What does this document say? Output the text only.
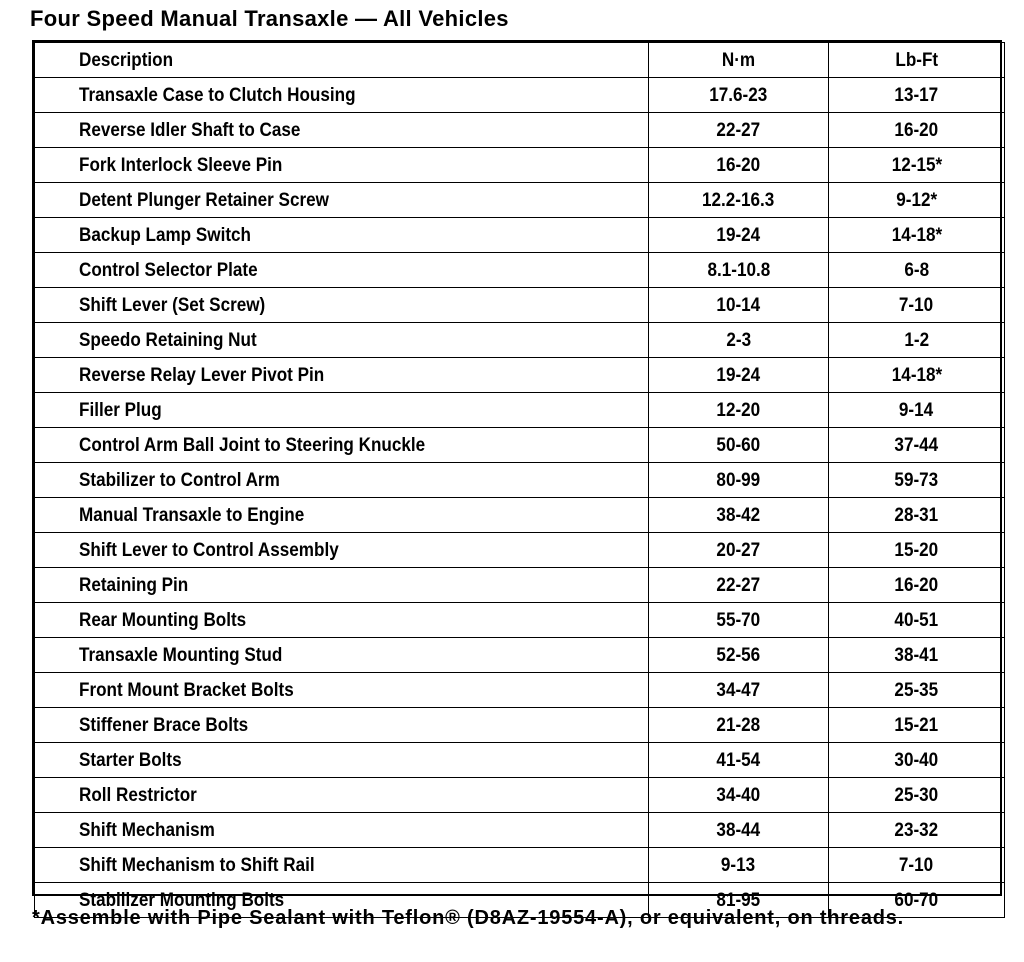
Four Speed Manual Transaxle — All Vehicles
Description	N·m	Lb-Ft
Transaxle Case to Clutch Housing	17.6-23	13-17
Reverse Idler Shaft to Case	22-27	16-20
Fork Interlock Sleeve Pin	16-20	12-15*
Detent Plunger Retainer Screw	12.2-16.3	9-12*
Backup Lamp Switch	19-24	14-18*
Control Selector Plate	8.1-10.8	6-8
Shift Lever (Set Screw)	10-14	7-10
Speedo Retaining Nut	2-3	1-2
Reverse Relay Lever Pivot Pin	19-24	14-18*
Filler Plug	12-20	9-14
Control Arm Ball Joint to Steering Knuckle	50-60	37-44
Stabilizer to Control Arm	80-99	59-73
Manual Transaxle to Engine	38-42	28-31
Shift Lever to Control Assembly	20-27	15-20
Retaining Pin	22-27	16-20
Rear Mounting Bolts	55-70	40-51
Transaxle Mounting Stud	52-56	38-41
Front Mount Bracket Bolts	34-47	25-35
Stiffener Brace Bolts	21-28	15-21
Starter Bolts	41-54	30-40
Roll Restrictor	34-40	25-30
Shift Mechanism	38-44	23-32
Shift Mechanism to Shift Rail	9-13	7-10
Stabilizer Mounting Bolts	81-95	60-70
*Assemble with Pipe Sealant with Teflon® (D8AZ-19554-A), or equivalent, on threads.
